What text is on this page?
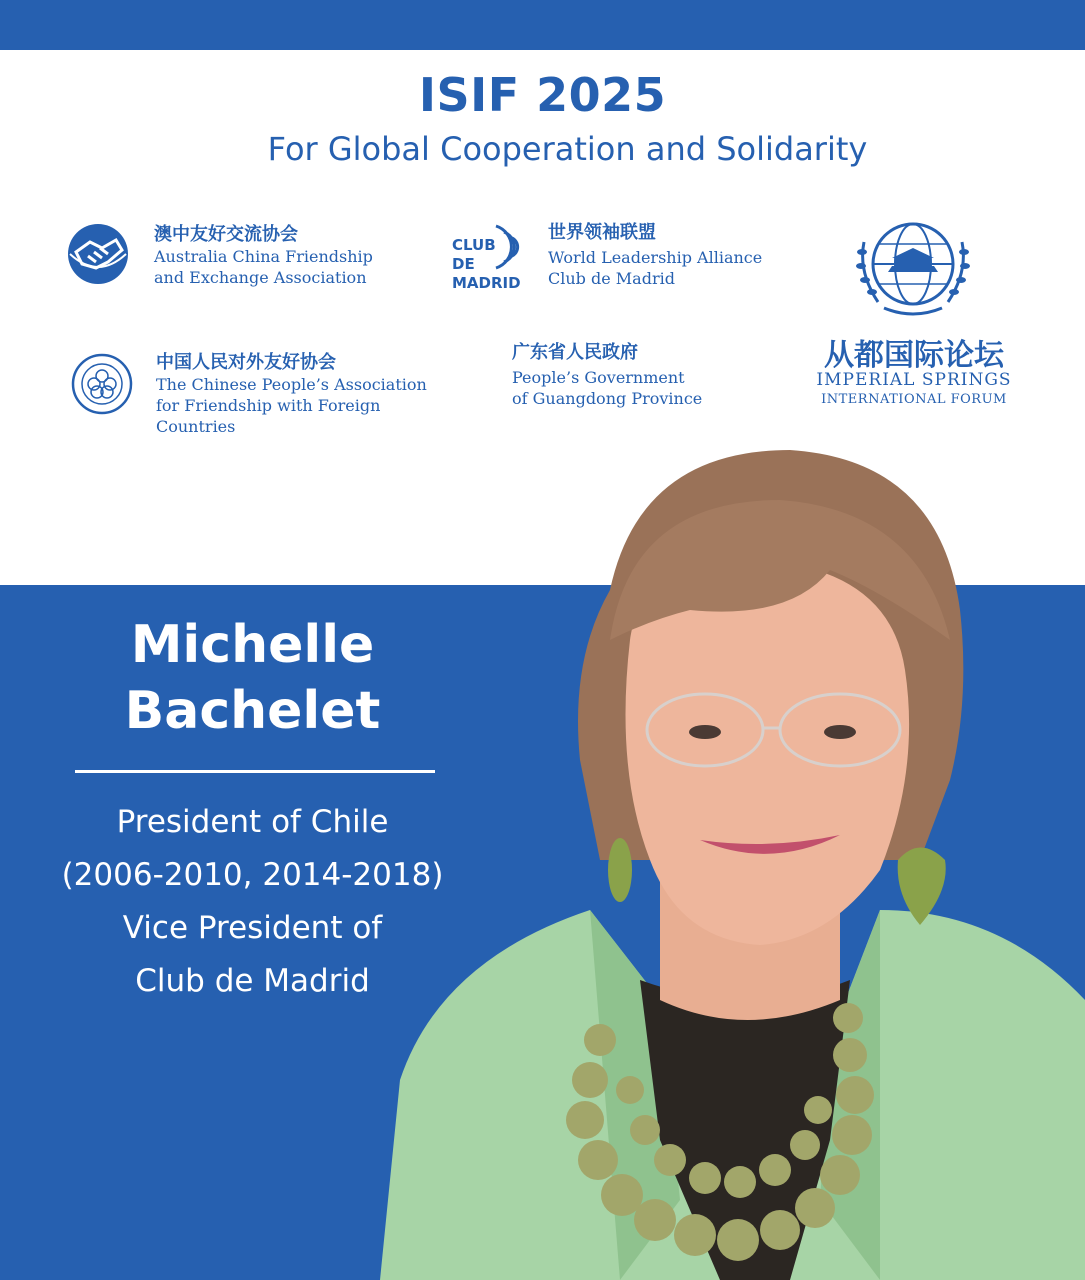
ISIF 2025
For Global Cooperation and Solidarity
澳中友好交流协会
Australia China Friendship
and Exchange Association
CLUB
DE
MADRID
世界领袖联盟
World Leadership Alliance
Club de Madrid
从都国际论坛
IMPERIAL SPRINGS
INTERNATIONAL FORUM
中国人民对外友好协会
The Chinese People’s Association
for Friendship with Foreign Countries
广东省人民政府
People’s Government
of Guangdong Province
Michelle
Bachelet
President of Chile
(2006-2010, 2014-2018)
Vice President of
Club de Madrid
